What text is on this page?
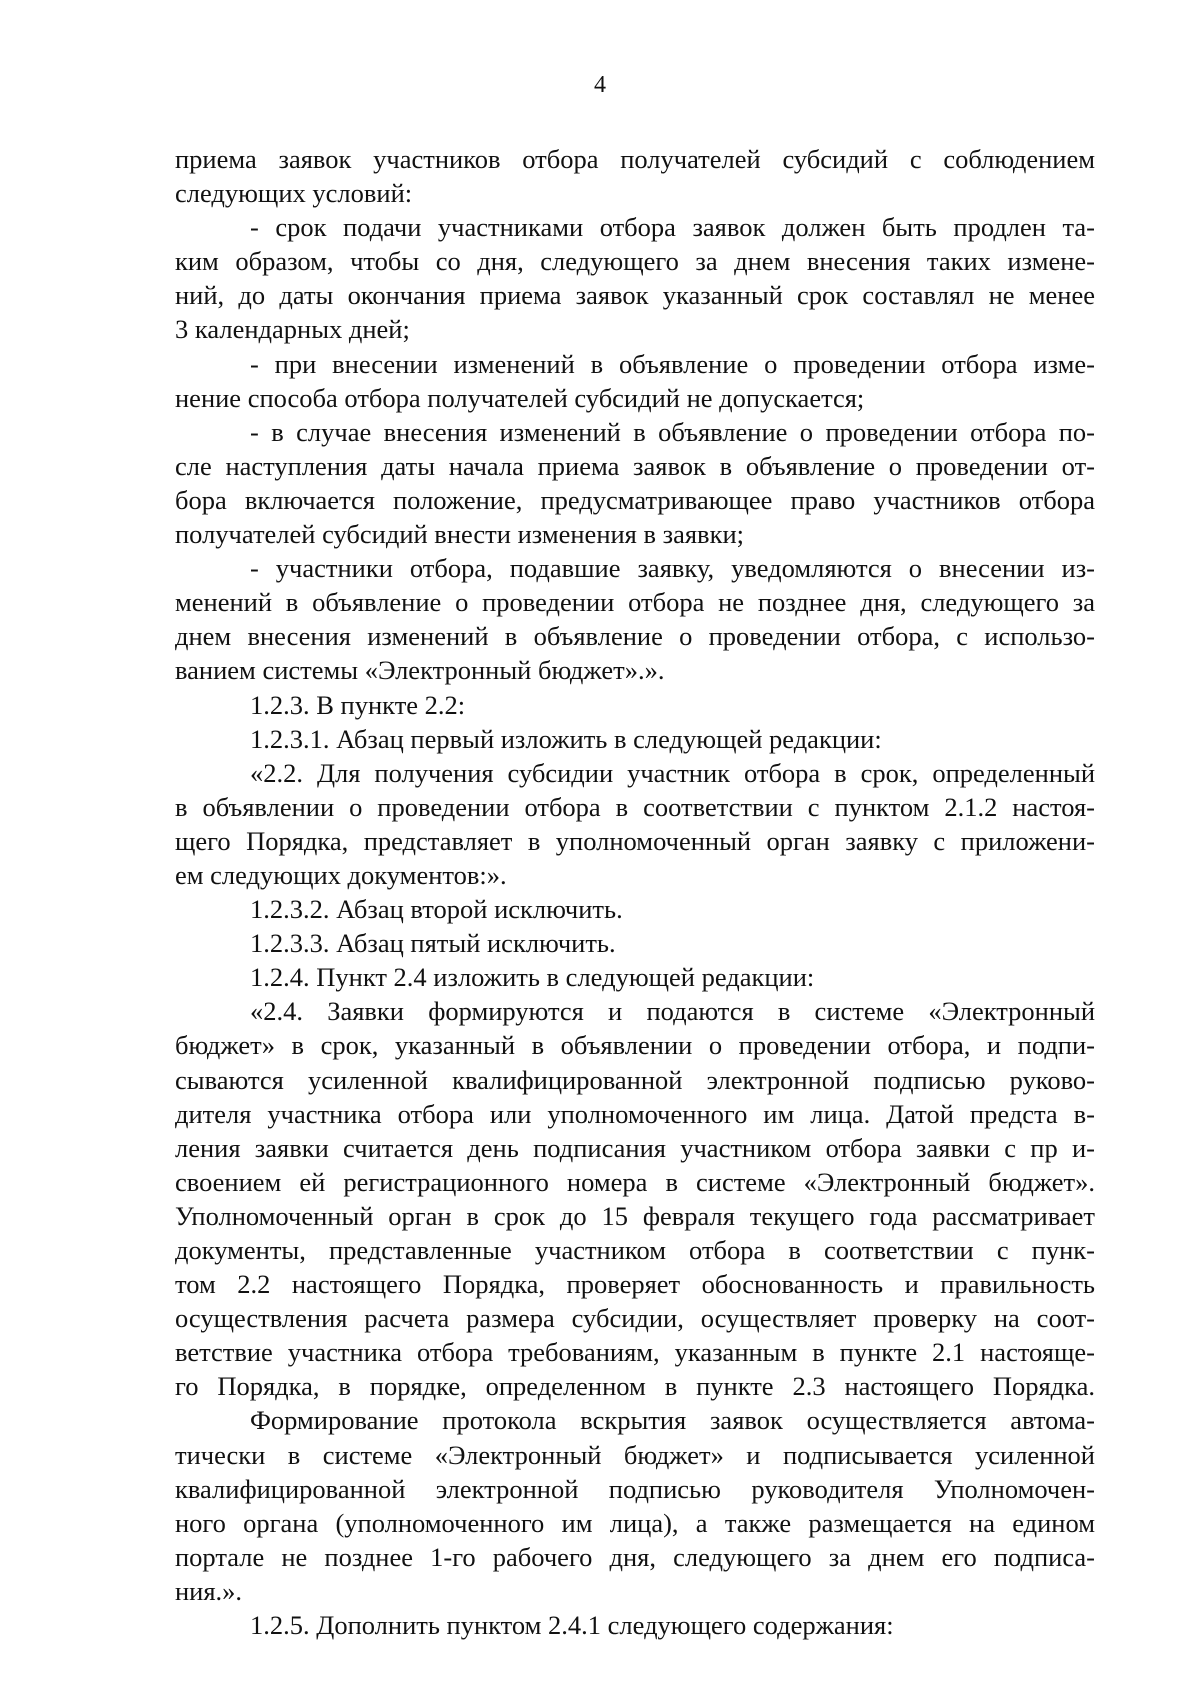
4
приема заявок участников отбора получателей субсидий с соблюдением
следующих условий:
- срок подачи участниками отбора заявок должен быть продлен та-
ким образом, чтобы со дня, следующего за днем внесения таких измене-
ний, до даты окончания приема заявок указанный срок составлял не менее
3 календарных дней;
- при внесении изменений в объявление о проведении отбора изме-
нение способа отбора получателей субсидий не допускается;
- в случае внесения изменений в объявление о проведении отбора по-
сле наступления даты начала приема заявок в объявление о проведении от-
бора включается положение, предусматривающее право участников отбора
получателей субсидий внести изменения в заявки;
- участники отбора, подавшие заявку, уведомляются о внесении из-
менений в объявление о проведении отбора не позднее дня, следующего за
днем внесения изменений в объявление о проведении отбора, с использо-
ванием системы «Электронный бюджет».».
1.2.3. В пункте 2.2:
1.2.3.1. Абзац первый изложить в следующей редакции:
«2.2. Для получения субсидии участник отбора в срок, определенный
в объявлении о проведении отбора в соответствии с пунктом 2.1.2 настоя-
щего Порядка, представляет в уполномоченный орган заявку с приложени-
ем следующих документов:».
1.2.3.2. Абзац второй исключить.
1.2.3.3. Абзац пятый исключить.
1.2.4. Пункт 2.4 изложить в следующей редакции:
«2.4. Заявки формируются и подаются в системе «Электронный
бюджет» в срок, указанный в объявлении о проведении отбора, и подпи-
сываются усиленной квалифицированной электронной подписью руково-
дителя участника отбора или уполномоченного им лица. Датой предста в-
ления заявки считается день подписания участником отбора заявки с пр и-
своением ей регистрационного номера в системе «Электронный бюджет».
Уполномоченный орган в срок до 15 февраля текущего года рассматривает
документы, представленные участником отбора в соответствии с пунк-
том 2.2 настоящего Порядка, проверяет обоснованность и правильность
осуществления расчета размера субсидии, осуществляет проверку на соот-
ветствие участника отбора требованиям, указанным в пункте 2.1 настояще-
го Порядка, в порядке, определенном в пункте 2.3 настоящего Порядка.
Формирование протокола вскрытия заявок осуществляется автома-
тически в системе «Электронный бюджет» и подписывается усиленной
квалифицированной электронной подписью руководителя Уполномочен-
ного органа (уполномоченного им лица), а также размещается на едином
портале не позднее 1-го рабочего дня, следующего за днем его подписа-
ния.».
1.2.5. Дополнить пунктом 2.4.1 следующего содержания:
